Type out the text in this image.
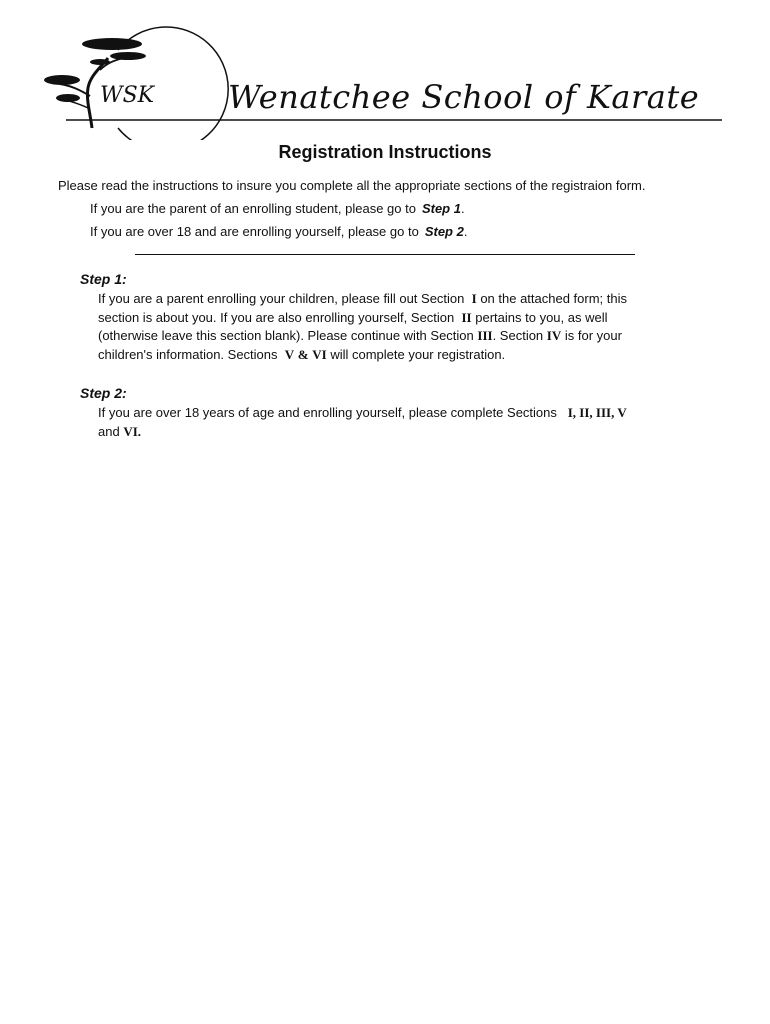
WSK Wenatchee School of Karate
Registration Instructions
Please read the instructions to insure you complete all the appropriate sections of the registraion form.
If you are the parent of an enrolling student, please go to Step 1.
If you are over 18 and are enrolling yourself, please go to Step 2.
Step 1:
If you are a parent enrolling your children, please fill out Section I on the attached form; this
section is about you. If you are also enrolling yourself, Section II pertains to you, as well
(otherwise leave this section blank). Please continue with Section III. Section IV is for your
children's information. Sections V & VI will complete your registration.
Step 2:
If you are over 18 years of age and enrolling yourself, please complete Sections I, II, III, V
and VI.
